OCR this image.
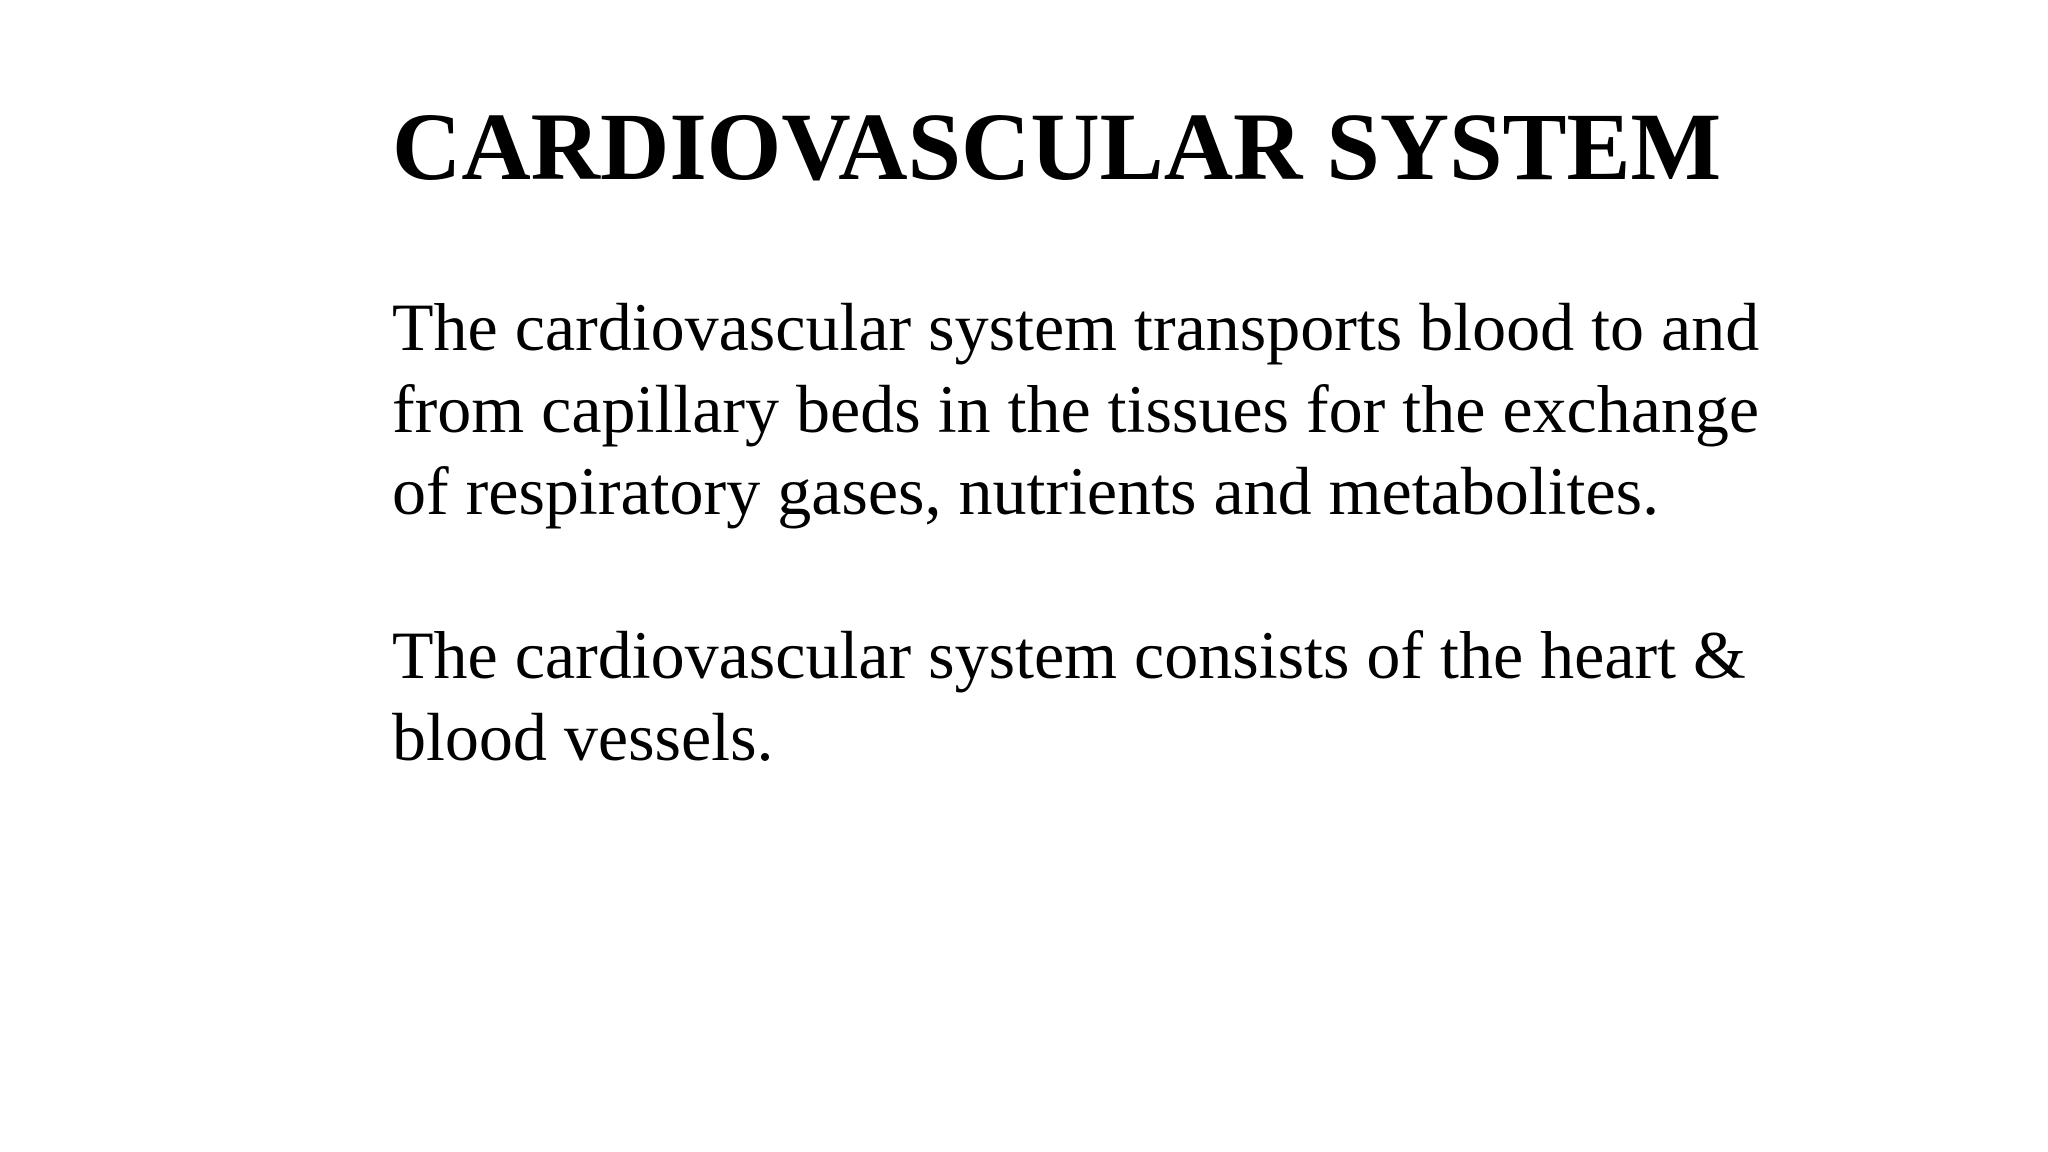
CARDIOVASCULAR SYSTEM

The cardiovascular system transports blood to and from capillary beds in the tissues for the exchange of respiratory gases, nutrients and metabolites.

The cardiovascular system consists of the heart & blood vessels.
